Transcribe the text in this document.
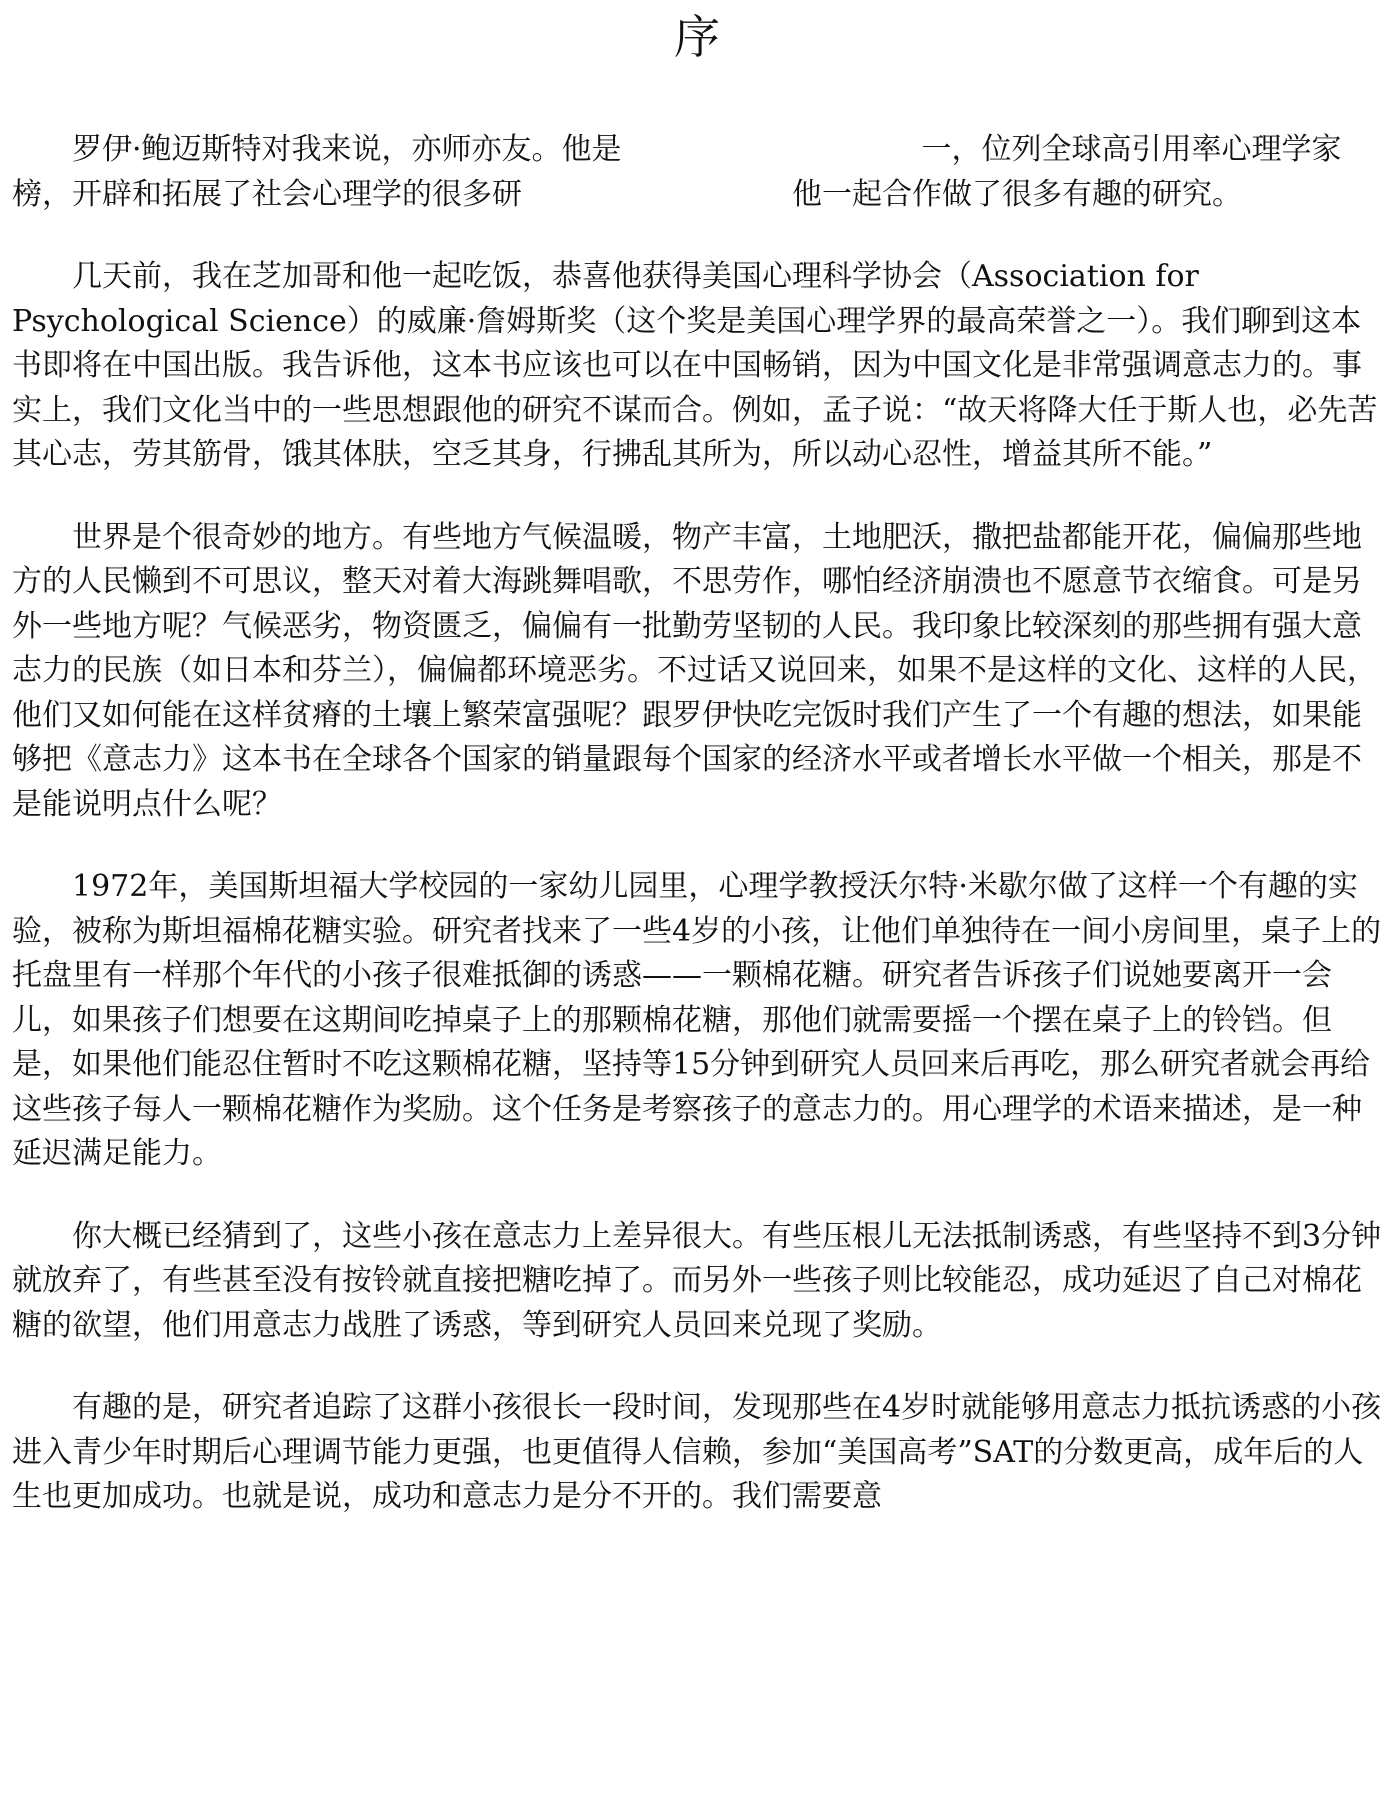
序

罗伊·鲍迈斯特对我来说，亦师亦友。他是　　　　　　　　　　一，位列全球高引用率心理学家榜，开辟和拓展了社会心理学的很多研　　　　　　　　　他一起合作做了很多有趣的研究。

几天前，我在芝加哥和他一起吃饭，恭喜他获得美国心理科学协会（Association for Psychological Science）的威廉·詹姆斯奖（这个奖是美国心理学界的最高荣誉之一）。我们聊到这本书即将在中国出版。我告诉他，这本书应该也可以在中国畅销，因为中国文化是非常强调意志力的。事实上，我们文化当中的一些思想跟他的研究不谋而合。例如，孟子说：“故天将降大任于斯人也，必先苦其心志，劳其筋骨，饿其体肤，空乏其身，行拂乱其所为，所以动心忍性，增益其所不能。”

世界是个很奇妙的地方。有些地方气候温暖，物产丰富，土地肥沃，撒把盐都能开花，偏偏那些地方的人民懒到不可思议，整天对着大海跳舞唱歌，不思劳作，哪怕经济崩溃也不愿意节衣缩食。可是另外一些地方呢？气候恶劣，物资匮乏，偏偏有一批勤劳坚韧的人民。我印象比较深刻的那些拥有强大意志力的民族（如日本和芬兰），偏偏都环境恶劣。不过话又说回来，如果不是这样的文化、这样的人民，他们又如何能在这样贫瘠的土壤上繁荣富强呢？跟罗伊快吃完饭时我们产生了一个有趣的想法，如果能够把《意志力》这本书在全球各个国家的销量跟每个国家的经济水平或者增长水平做一个相关，那是不是能说明点什么呢？

1972年，美国斯坦福大学校园的一家幼儿园里，心理学教授沃尔特·米歇尔做了这样一个有趣的实验，被称为斯坦福棉花糖实验。研究者找来了一些4岁的小孩，让他们单独待在一间小房间里，桌子上的托盘里有一样那个年代的小孩子很难抵御的诱惑——一颗棉花糖。研究者告诉孩子们说她要离开一会儿，如果孩子们想要在这期间吃掉桌子上的那颗棉花糖，那他们就需要摇一个摆在桌子上的铃铛。但是，如果他们能忍住暂时不吃这颗棉花糖，坚持等15分钟到研究人员回来后再吃，那么研究者就会再给这些孩子每人一颗棉花糖作为奖励。这个任务是考察孩子的意志力的。用心理学的术语来描述，是一种延迟满足能力。

你大概已经猜到了，这些小孩在意志力上差异很大。有些压根儿无法抵制诱惑，有些坚持不到3分钟就放弃了，有些甚至没有按铃就直接把糖吃掉了。而另外一些孩子则比较能忍，成功延迟了自己对棉花糖的欲望，他们用意志力战胜了诱惑，等到研究人员回来兑现了奖励。

有趣的是，研究者追踪了这群小孩很长一段时间，发现那些在4岁时就能够用意志力抵抗诱惑的小孩进入青少年时期后心理调节能力更强，也更值得人信赖，参加“美国高考”SAT的分数更高，成年后的人生也更加成功。也就是说，成功和意志力是分不开的。我们需要意
